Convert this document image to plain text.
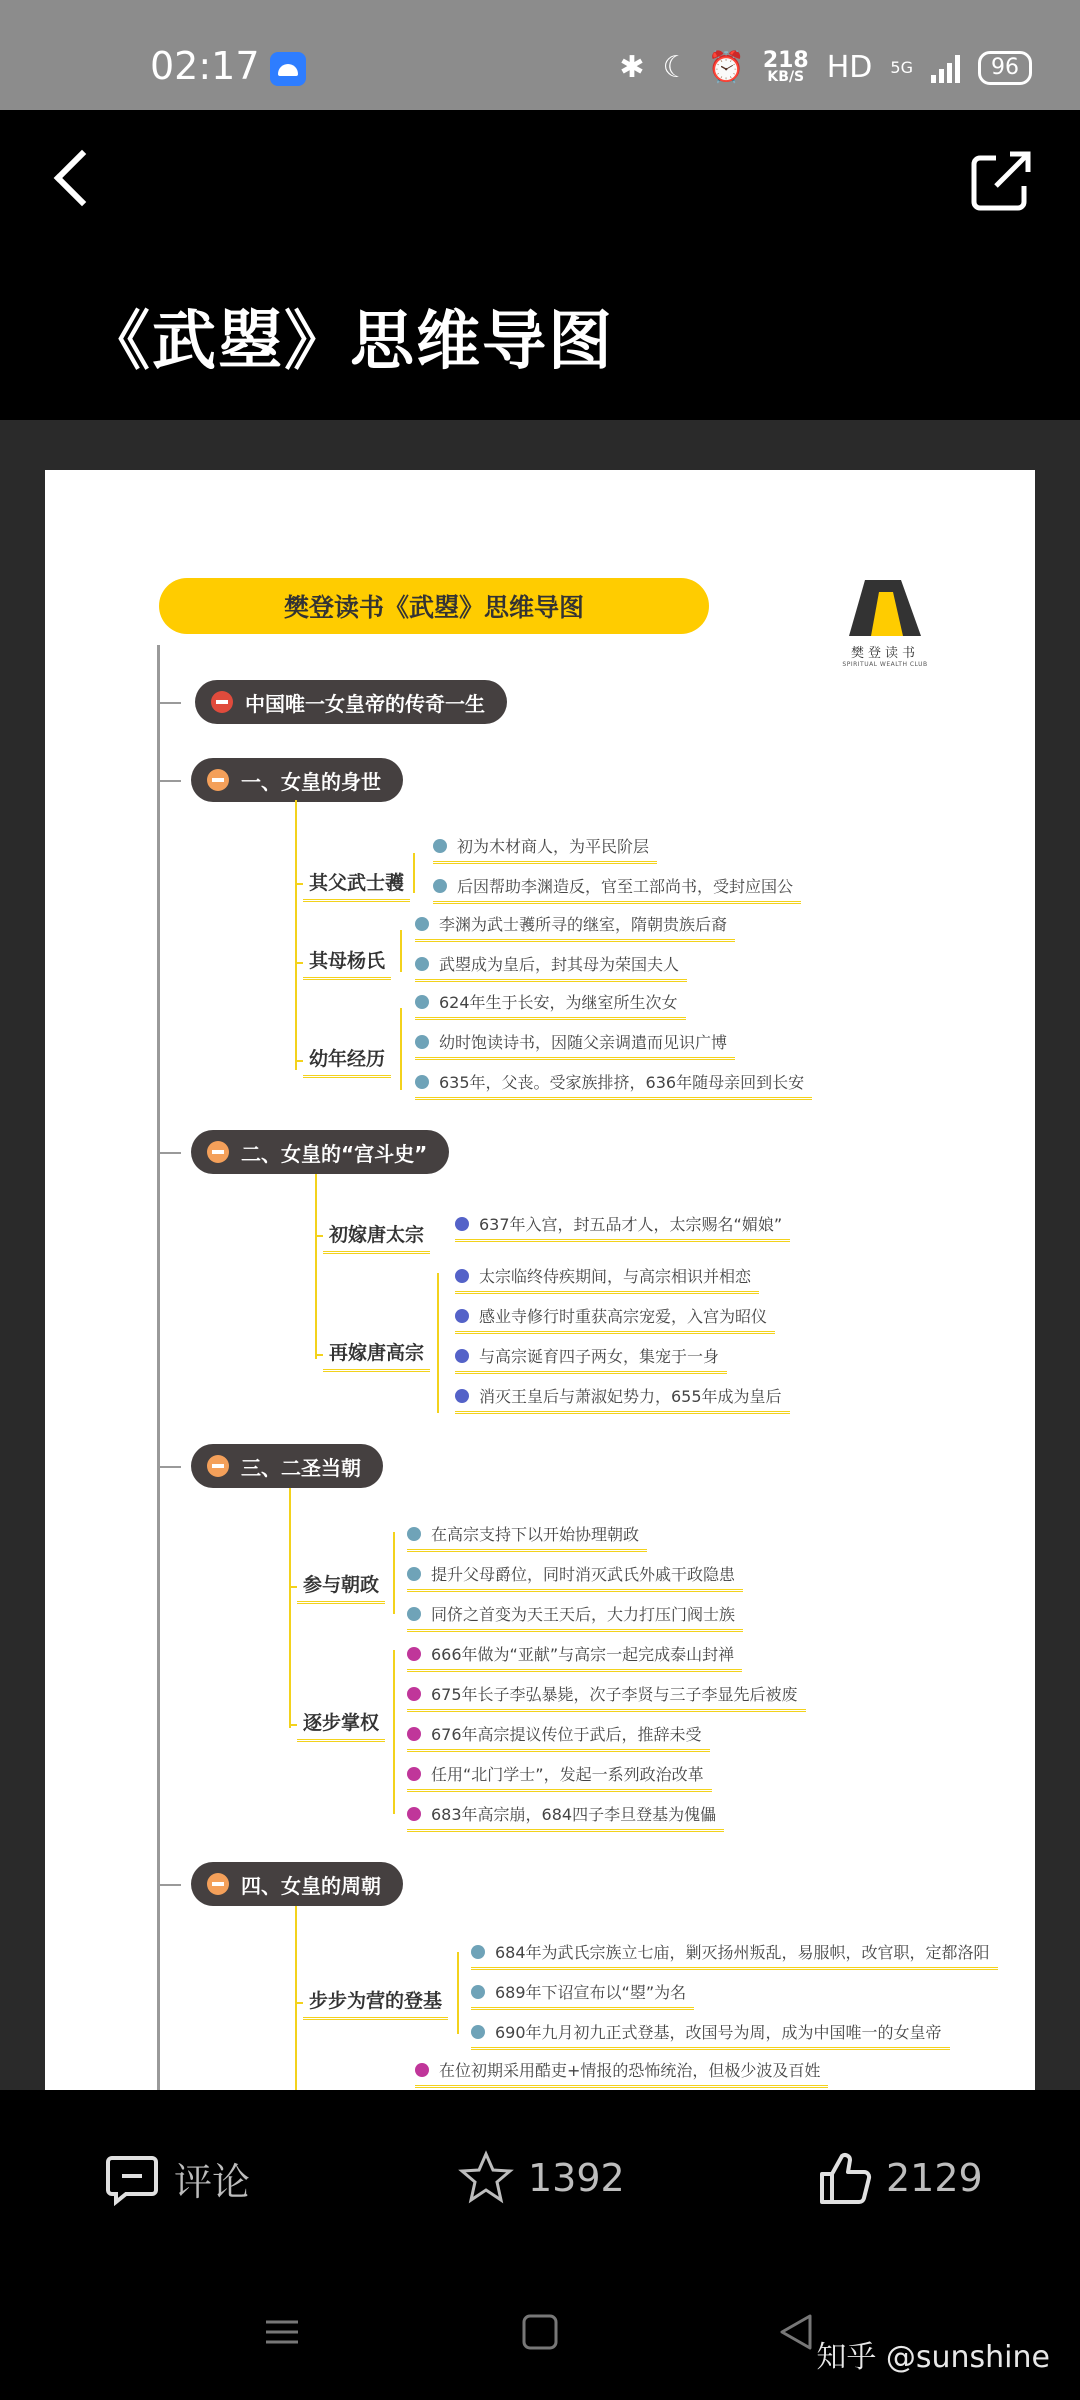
02:17	✱ ☾ ⏰ 218
KB/S HD 5G	96
《武曌》思维导图
樊登读书《武曌》思维导图
樊登读书
SPIRITUAL WEALTH CLUB
中国唯一女皇帝的传奇一生
一、女皇的身世
其父武士彟
其母杨氏
幼年经历
初为木材商人，为平民阶层
后因帮助李渊造反，官至工部尚书，受封应国公
李渊为武士彟所寻的继室，隋朝贵族后裔
武曌成为皇后，封其母为荣国夫人
624年生于长安，为继室所生次女
幼时饱读诗书，因随父亲调遣而见识广博
635年，父丧。受家族排挤，636年随母亲回到长安
二、女皇的“宫斗史”
初嫁唐太宗
再嫁唐高宗
637年入宫，封五品才人，太宗赐名“媚娘”
太宗临终侍疾期间，与高宗相识并相恋
感业寺修行时重获高宗宠爱，入宫为昭仪
与高宗诞育四子两女，集宠于一身
消灭王皇后与萧淑妃势力，655年成为皇后
三、二圣当朝
参与朝政
逐步掌权
在高宗支持下以开始协理朝政
提升父母爵位，同时消灭武氏外戚干政隐患
同侪之首变为天王天后，大力打压门阀士族
666年做为“亚献”与高宗一起完成泰山封禅
675年长子李弘暴毙，次子李贤与三子李显先后被废
676年高宗提议传位于武后，推辞未受
任用“北门学士”，发起一系列政治改革
683年高宗崩，684四子李旦登基为傀儡
四、女皇的周朝
步步为营的登基
684年为武氏宗族立七庙，剿灭扬州叛乱，易服帜，改官职，定都洛阳
689年下诏宣布以“曌”为名
690年九月初九正式登基，改国号为周，成为中国唯一的女皇帝
在位初期采用酷吏+情报的恐怖统治，但极少波及百姓
评论	1392	2129
知乎 @sunshine
